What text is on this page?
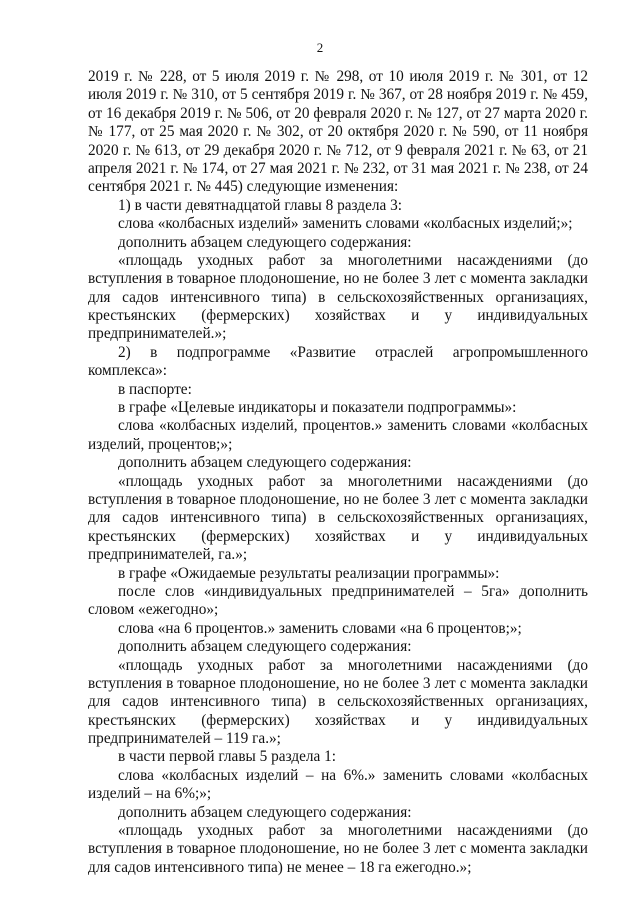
2
2019 г. № 228, от 5 июля 2019 г. № 298, от 10 июля 2019 г. № 301, от 12
июля 2019 г. № 310, от 5 сентября 2019 г. № 367, от 28 ноября 2019 г. № 459,
от 16 декабря 2019 г. № 506, от 20 февраля 2020 г. № 127, от 27 марта 2020 г.
№ 177, от 25 мая 2020 г. № 302, от 20 октября 2020 г. № 590, от 11 ноября
2020 г. № 613, от 29 декабря 2020 г. № 712, от 9 февраля 2021 г. № 63, от 21
апреля 2021 г. № 174, от 27 мая 2021 г. № 232, от 31 мая 2021 г. № 238, от 24
сентября 2021 г. № 445) следующие изменения:
1) в части девятнадцатой главы 8 раздела 3:
слова «колбасных изделий» заменить словами «колбасных изделий;»;
дополнить абзацем следующего содержания:
«площадь уходных работ за многолетними насаждениями (до
вступления в товарное плодоношение, но не более 3 лет с момента закладки
для садов интенсивного типа) в сельскохозяйственных организациях,
крестьянских (фермерских) хозяйствах и у индивидуальных
предпринимателей.»;
2) в подпрограмме «Развитие отраслей агропромышленного
комплекса»:
в паспорте:
в графе «Целевые индикаторы и показатели подпрограммы»:
слова «колбасных изделий, процентов.» заменить словами «колбасных
изделий, процентов;»;
дополнить абзацем следующего содержания:
«площадь уходных работ за многолетними насаждениями (до
вступления в товарное плодоношение, но не более 3 лет с момента закладки
для садов интенсивного типа) в сельскохозяйственных организациях,
крестьянских (фермерских) хозяйствах и у индивидуальных
предпринимателей, га.»;
в графе «Ожидаемые результаты реализации программы»:
после слов «индивидуальных предпринимателей – 5га» дополнить
словом «ежегодно»;
слова «на 6 процентов.» заменить словами «на 6 процентов;»;
дополнить абзацем следующего содержания:
«площадь уходных работ за многолетними насаждениями (до
вступления в товарное плодоношение, но не более 3 лет с момента закладки
для садов интенсивного типа) в сельскохозяйственных организациях,
крестьянских (фермерских) хозяйствах и у индивидуальных
предпринимателей – 119 га.»;
в части первой главы 5 раздела 1:
слова «колбасных изделий – на 6%.» заменить словами «колбасных
изделий – на 6%;»;
дополнить абзацем следующего содержания:
«площадь уходных работ за многолетними насаждениями (до
вступления в товарное плодоношение, но не более 3 лет с момента закладки
для садов интенсивного типа) не менее – 18 га ежегодно.»;
